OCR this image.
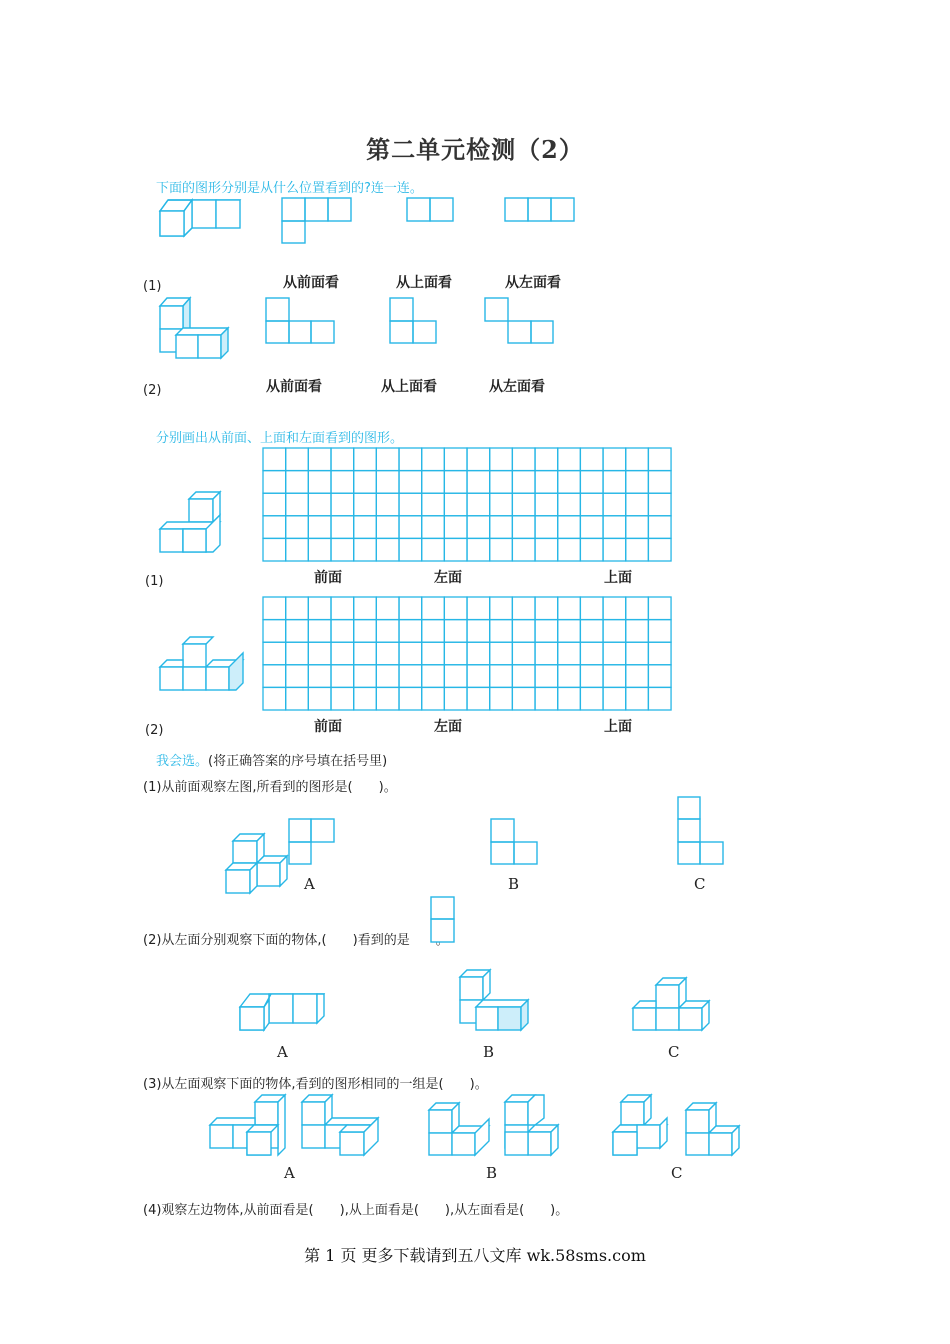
第二单元检测（2）
下面的图形分别是从什么位置看到的?连一连。
(1)	从前面看	从上面看	从左面看
(2)	从前面看	从上面看	从左面看
分别画出从前面、上面和左面看到的图形。
(1)	前面	左面	上面
(2)	前面	左面	上面
我会选。(将正确答案的序号填在括号里)
(1)从前面观察左图,所看到的图形是(　　)。
A	B	C
(2)从左面分别观察下面的物体,(　　)看到的是 。
A	B	C
(3)从左面观察下面的物体,看到的图形相同的一组是(　　)。
A	B	C
(4)观察左边物体,从前面看是(　　),从上面看是(　　),从左面看是(　　)。
第 1 页 更多下载请到五八文库 wk.58sms.com
